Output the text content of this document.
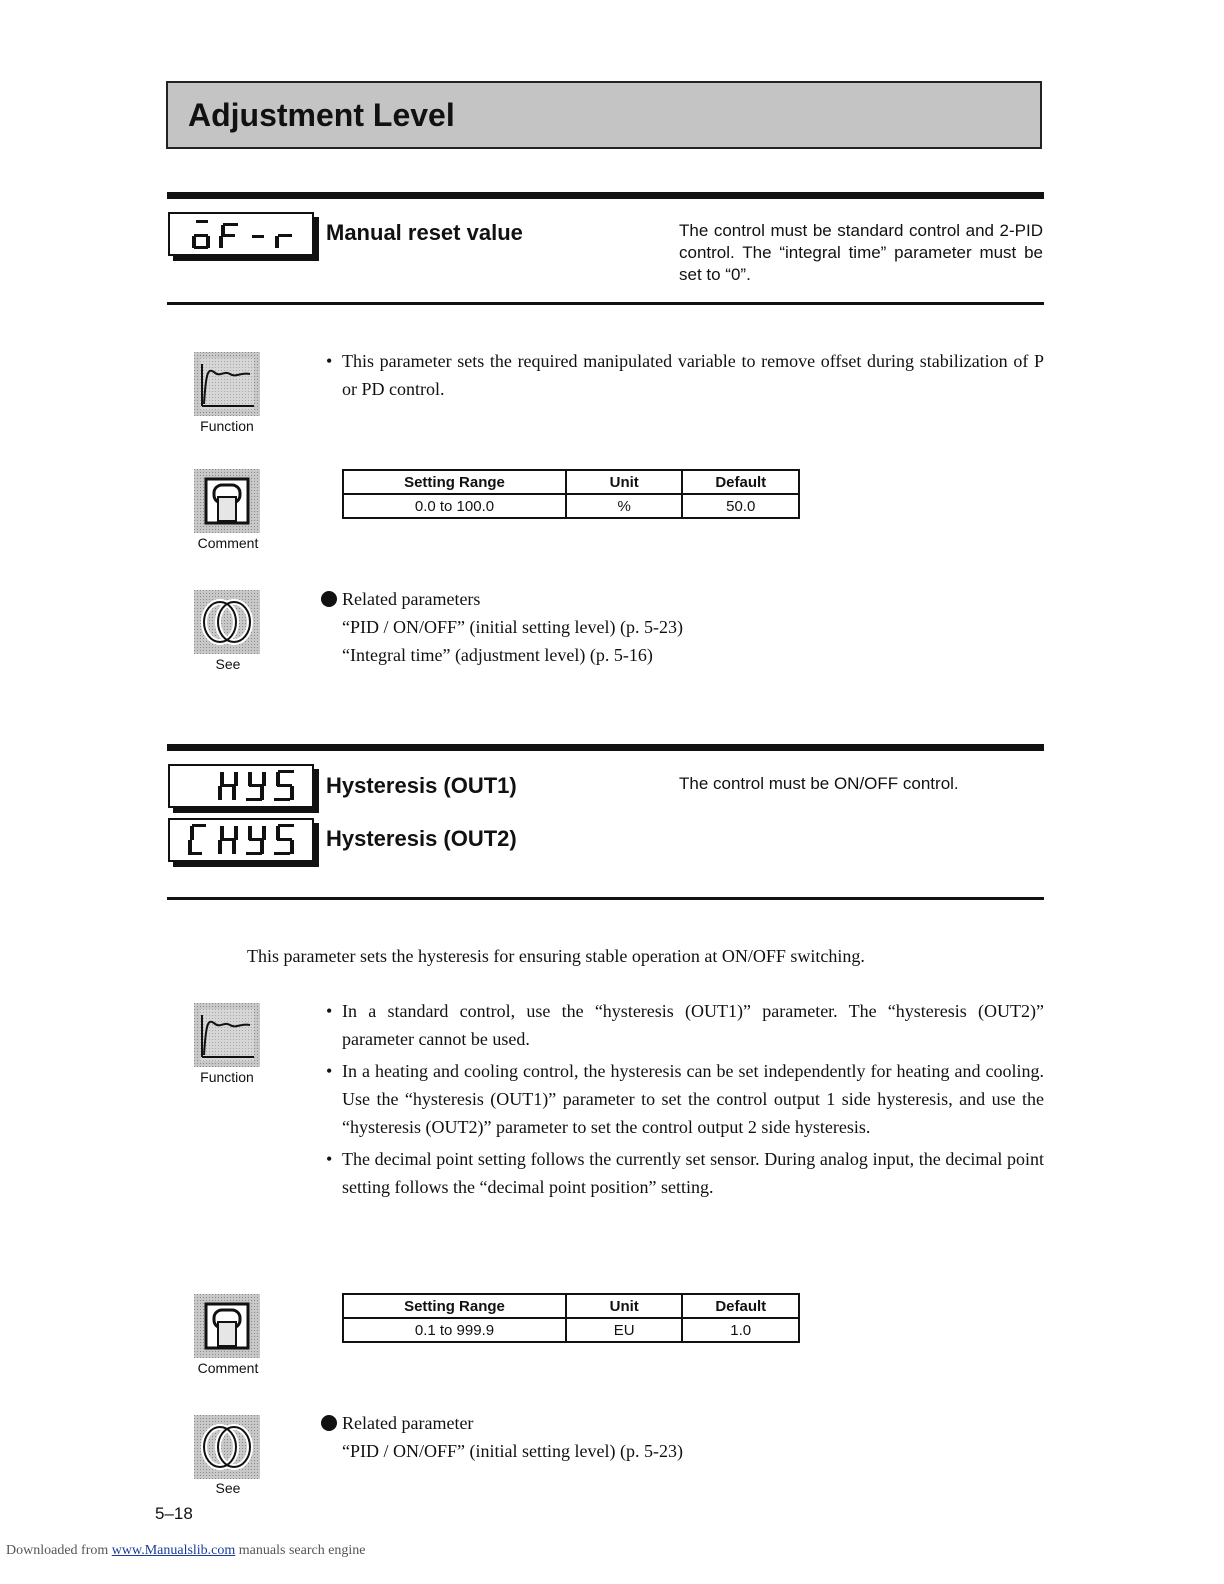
Adjustment Level
Manual reset value	The control must be standard control and 2-PID control. The “integral time” parameter must be set to “0”.
Function
• This parameter sets the required manipulated variable to remove offset during stabilization of P or PD control.
Comment
Setting Range	Unit	Default
0.0 to 100.0	%	50.0
See
Related parameters
“PID / ON/OFF” (initial setting level) (p. 5-23)
“Integral time” (adjustment level) (p. 5-16)
Hysteresis (OUT1)	The control must be ON/OFF control.
Hysteresis (OUT2)
This parameter sets the hysteresis for ensuring stable operation at ON/OFF switching.
Function
• In a standard control, use the “hysteresis (OUT1)” parameter. The “hysteresis (OUT2)” parameter cannot be used.
• In a heating and cooling control, the hysteresis can be set independently for heating and cooling. Use the “hysteresis (OUT1)” parameter to set the control output 1 side hysteresis, and use the “hysteresis (OUT2)” parameter to set the control output 2 side hysteresis.
• The decimal point setting follows the currently set sensor. During analog input, the decimal point setting follows the “decimal point position” setting.
Comment
Setting Range	Unit	Default
0.1 to 999.9	EU	1.0
See
Related parameter
“PID / ON/OFF” (initial setting level) (p. 5-23)
5–18
Downloaded from www.Manualslib.com manuals search engine
